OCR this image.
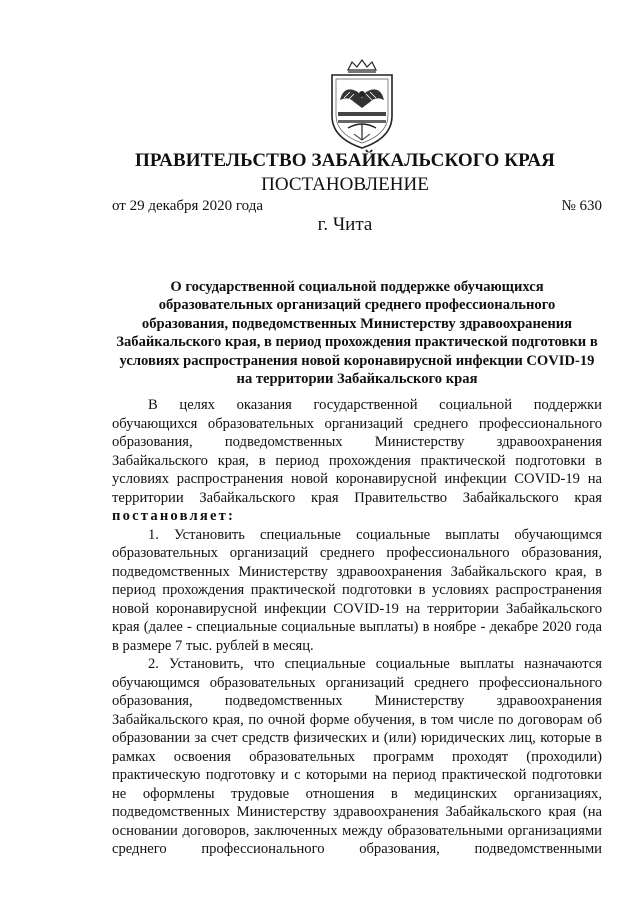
ПРАВИТЕЛЬСТВО ЗАБАЙКАЛЬСКОГО КРАЯ
ПОСТАНОВЛЕНИЕ
от 29 декабря 2020 года	№ 630
г. Чита
О государственной социальной поддержке обучающихся
образовательных организаций среднего профессионального
образования, подведомственных Министерству здравоохранения
Забайкальского края, в период прохождения практической подготовки в
условиях распространения новой коронавирусной инфекции COVID-19
на территории Забайкальского края
В целях оказания государственной социальной поддержки
обучающихся образовательных организаций среднего профессионального
образования, подведомственных Министерству здравоохранения
Забайкальского края, в период прохождения практической подготовки в
условиях распространения новой коронавирусной инфекции COVID-19 на
территории Забайкальского края Правительство Забайкальского края
постановляет:
1. Установить специальные социальные выплаты обучающимся
образовательных организаций среднего профессионального образования,
подведомственных Министерству здравоохранения Забайкальского края, в
период прохождения практической подготовки в условиях распространения
новой коронавирусной инфекции COVID-19 на территории Забайкальского
края (далее - специальные социальные выплаты) в ноябре - декабре 2020 года
в размере 7 тыс. рублей в месяц.
2. Установить, что специальные социальные выплаты назначаются
обучающимся образовательных организаций среднего профессионального
образования, подведомственных Министерству здравоохранения
Забайкальского края, по очной форме обучения, в том числе по договорам об
образовании за счет средств физических и (или) юридических лиц, которые в
рамках освоения образовательных программ проходят (проходили)
практическую подготовку и с которыми на период практической подготовки
не оформлены трудовые отношения в медицинских организациях,
подведомственных Министерству здравоохранения Забайкальского края (на
основании договоров, заключенных между образовательными организациями
среднего профессионального образования, подведомственными
